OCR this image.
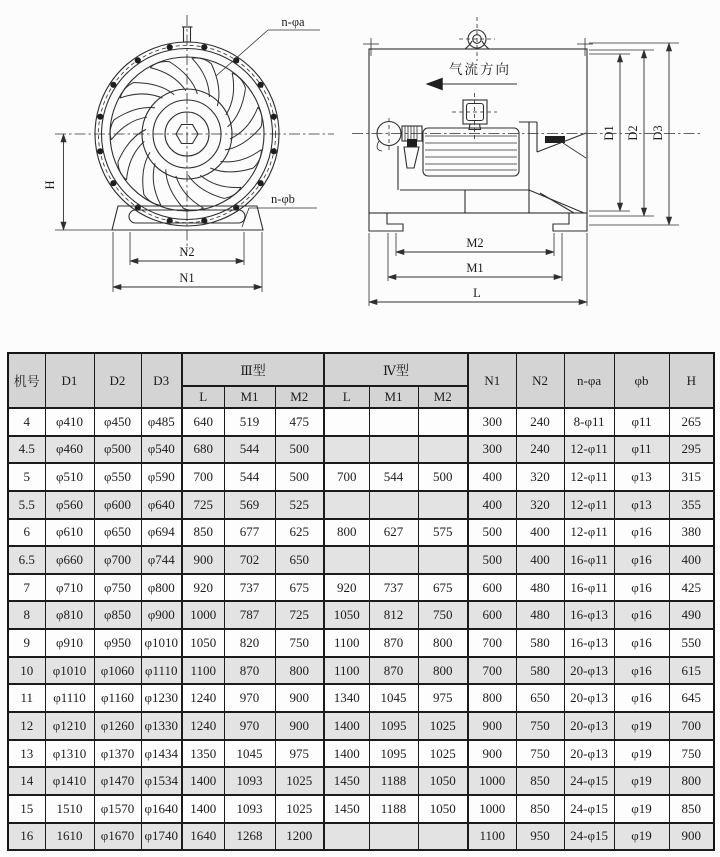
H
N2
N1
n-φa
n-φb
气流方向
D1 D2 D3
M2
M1
L
机号	D1	D2	D3	Ⅲ型			Ⅳ型			N1	N2	n-φa	φb	H
				L	M1	M2	L	M1	M2					
4	φ410	φ450	φ485	640	519	475				300	240	8-φ11	φ11	265
4.5	φ460	φ500	φ540	680	544	500				300	240	12-φ11	φ11	295
5	φ510	φ550	φ590	700	544	500	700	544	500	400	320	12-φ11	φ13	315
5.5	φ560	φ600	φ640	725	569	525				400	320	12-φ11	φ13	355
6	φ610	φ650	φ694	850	677	625	800	627	575	500	400	12-φ11	φ16	380
6.5	φ660	φ700	φ744	900	702	650				500	400	16-φ11	φ16	400
7	φ710	φ750	φ800	920	737	675	920	737	675	600	480	16-φ11	φ16	425
8	φ810	φ850	φ900	1000	787	725	1050	812	750	600	480	16-φ13	φ16	490
9	φ910	φ950	φ1010	1050	820	750	1100	870	800	700	580	16-φ13	φ16	550
10	φ1010	φ1060	φ1110	1100	870	800	1100	870	800	700	580	20-φ13	φ16	615
11	φ1110	φ1160	φ1230	1240	970	900	1340	1045	975	800	650	20-φ13	φ16	645
12	φ1210	φ1260	φ1330	1240	970	900	1400	1095	1025	900	750	20-φ13	φ19	700
13	φ1310	φ1370	φ1434	1350	1045	975	1400	1095	1025	900	750	20-φ13	φ19	750
14	φ1410	φ1470	φ1534	1400	1093	1025	1450	1188	1050	1000	850	24-φ15	φ19	800
15	1510	φ1570	φ1640	1400	1093	1025	1450	1188	1050	1000	850	24-φ15	φ19	850
16	1610	φ1670	φ1740	1640	1268	1200				1100	950	24-φ15	φ19	900
